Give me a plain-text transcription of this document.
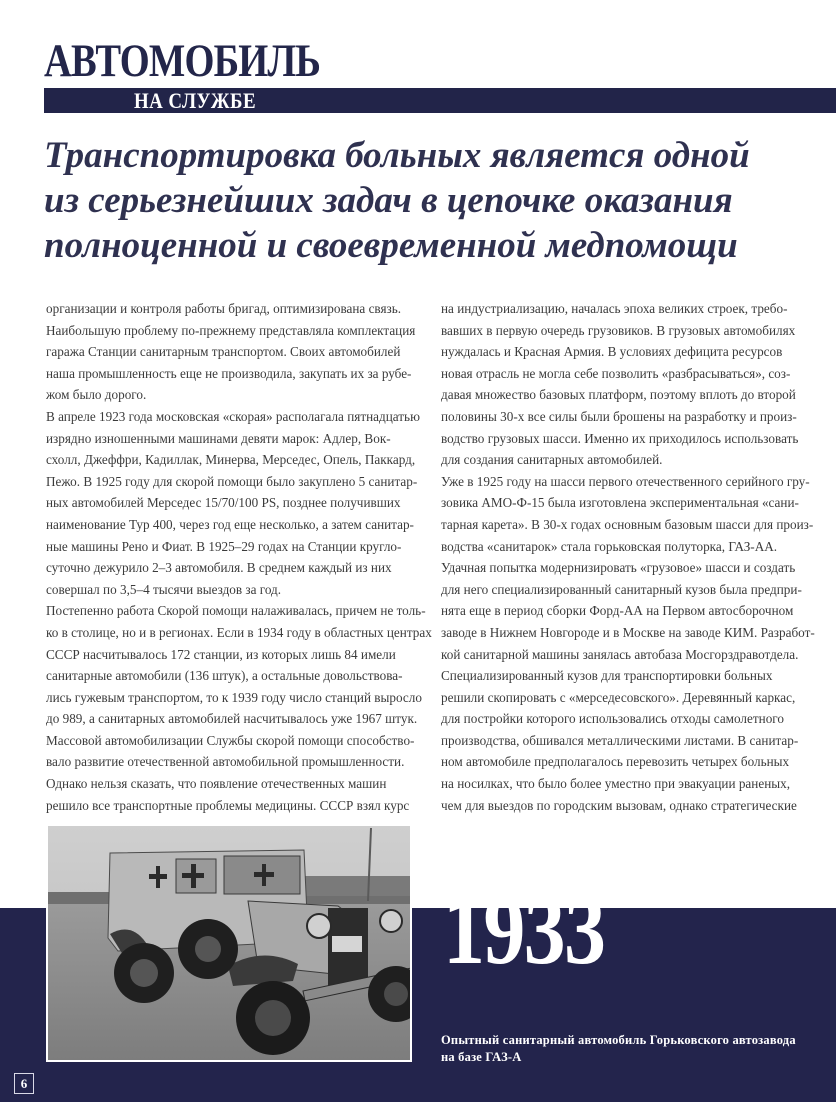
АВТОМОБИЛЬ
НА СЛУЖБЕ
Транспортировка больных является одной
из серьезнейших задач в цепочке оказания
полноценной и своевременной медпомощи
организации и контроля работы бригад, оптимизирована связь.
Наибольшую проблему по-прежнему представляла комплектация
гаража Станции санитарным транспортом. Своих автомобилей
наша промышленность еще не производила, закупать их за рубе-
жом было дорого.
В апреле 1923 года московская «скорая» располагала пятнадцатью
изрядно изношенными машинами девяти марок: Адлер, Вок-
схолл, Джеффри, Кадиллак, Минерва, Мерседес, Опель, Паккард,
Пежо. В 1925 году для скорой помощи было закуплено 5 санитар-
ных автомобилей Мерседес 15/70/100 PS, позднее получивших
наименование Тур 400, через год еще несколько, а затем санитар-
ные машины Рено и Фиат. В 1925–29 годах на Станции кругло-
суточно дежурило 2–3 автомобиля. В среднем каждый из них
совершал по 3,5–4 тысячи выездов за год.
Постепенно работа Скорой помощи налаживалась, причем не толь-
ко в столице, но и в регионах. Если в 1934 году в областных центрах
СССР насчитывалось 172 станции, из которых лишь 84 имели
санитарные автомобили (136 штук), а остальные довольствова-
лись гужевым транспортом, то к 1939 году число станций выросло
до 989, а санитарных автомобилей насчитывалось уже 1967 штук.
Массовой автомобилизации Службы скорой помощи способство-
вало развитие отечественной автомобильной промышленности.
Однако нельзя сказать, что появление отечественных машин
решило все транспортные проблемы медицины. СССР взял курс
на индустриализацию, началась эпоха великих строек, требо-
вавших в первую очередь грузовиков. В грузовых автомобилях
нуждалась и Красная Армия. В условиях дефицита ресурсов
новая отрасль не могла себе позволить «разбрасываться», соз-
давая множество базовых платформ, поэтому вплоть до второй
половины 30-х все силы были брошены на разработку и произ-
водство грузовых шасси. Именно их приходилось использовать
для создания санитарных автомобилей.
Уже в 1925 году на шасси первого отечественного серийного гру-
зовика АМО-Ф-15 была изготовлена экспериментальная «сани-
тарная карета». В 30-х годах основным базовым шасси для произ-
водства «санитарок» стала горьковская полуторка, ГАЗ-АА.
Удачная попытка модернизировать «грузовое» шасси и создать
для него специализированный санитарный кузов была предпри-
нята еще в период сборки Форд-АА на Первом автосборочном
заводе в Нижнем Новгороде и в Москве на заводе КИМ. Разработ-
кой санитарной машины занялась автобаза Мосгорздравотдела.
Специализированный кузов для транспортировки больных
решили скопировать с «мерседесовского». Деревянный каркас,
для постройки которого использовались отходы самолетного
производства, обшивался металлическими листами. В санитар-
ном автомобиле предполагалось перевозить четырех больных
на носилках, что было более уместно при эвакуации раненых,
чем для выездов по городским вызовам, однако стратегические
1933
Опытный санитарный автомобиль Горьковского автозавода
на базе ГАЗ-А
6
